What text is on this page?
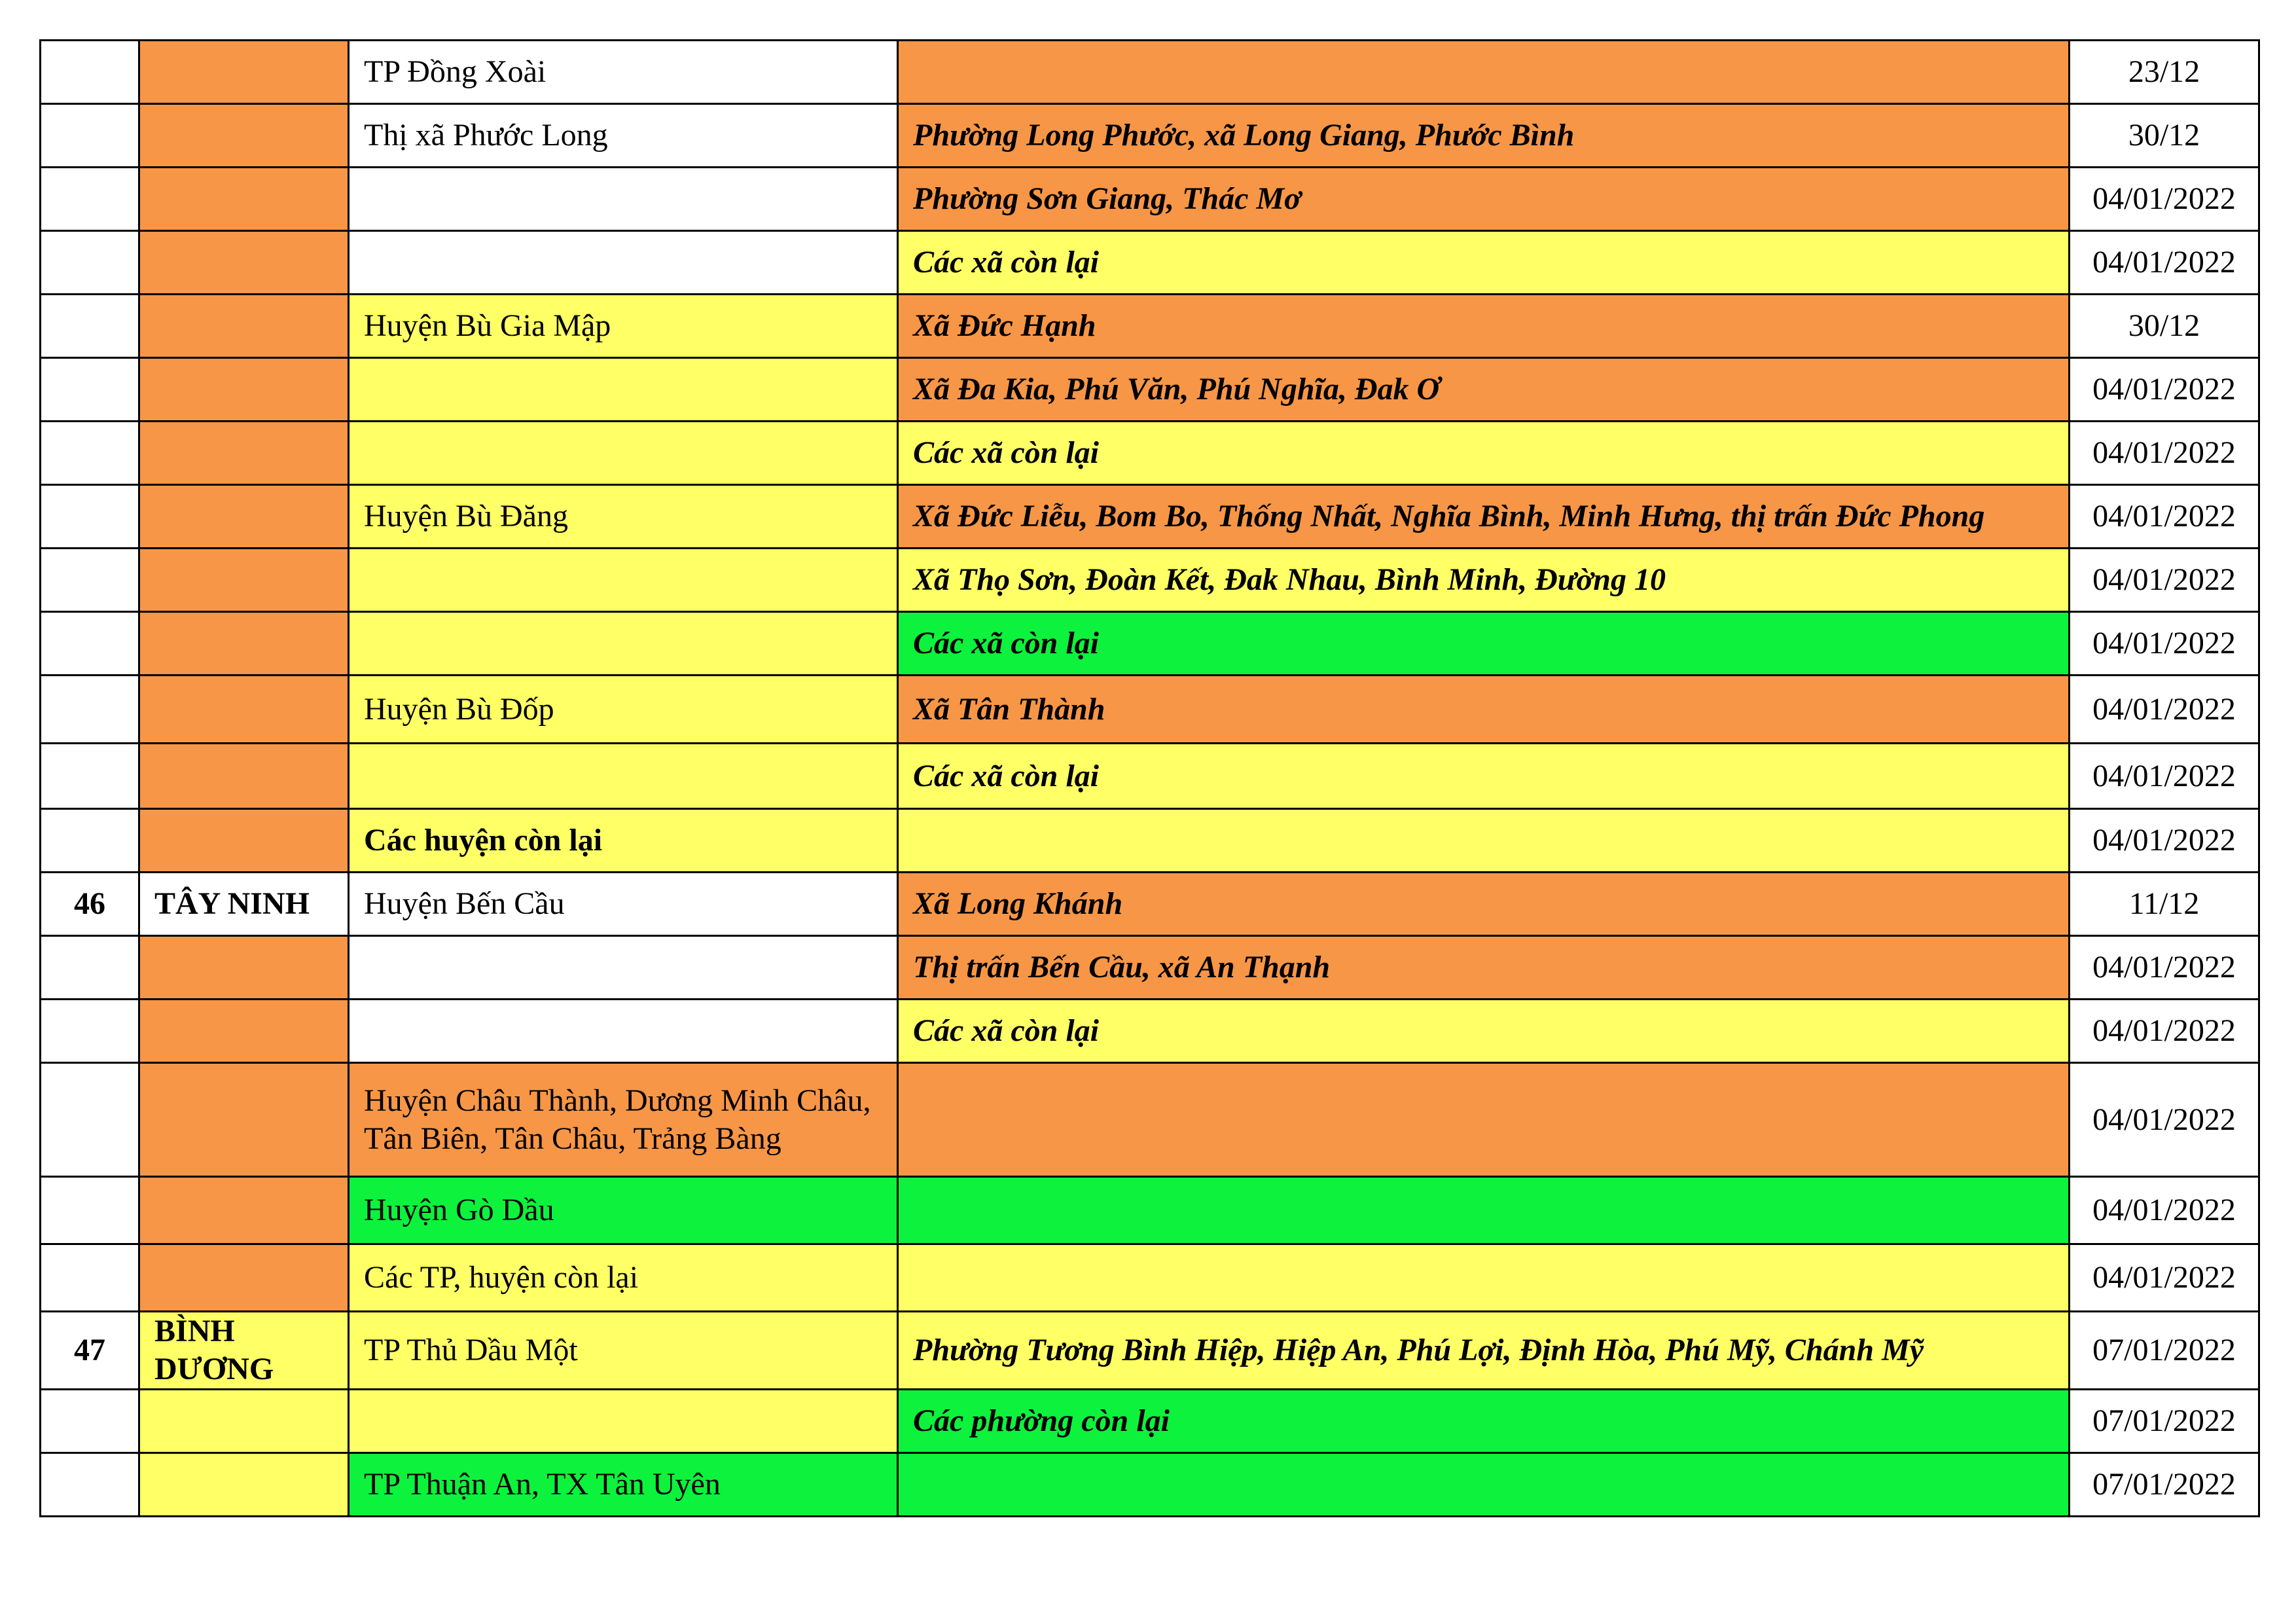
		TP Đồng Xoài		23/12
		Thị xã Phước Long	Phường Long Phước, xã Long Giang, Phước Bình	30/12
			Phường Sơn Giang, Thác Mơ	04/01/2022
			Các xã còn lại	04/01/2022
		Huyện Bù Gia Mập	Xã Đức Hạnh	30/12
			Xã Đa Kia, Phú Văn, Phú Nghĩa, Đak Ơ	04/01/2022
			Các xã còn lại	04/01/2022
		Huyện Bù Đăng	Xã Đức Liễu, Bom Bo, Thống Nhất, Nghĩa Bình, Minh Hưng, thị trấn Đức Phong	04/01/2022
			Xã Thọ Sơn, Đoàn Kết, Đak Nhau, Bình Minh, Đường 10	04/01/2022
			Các xã còn lại	04/01/2022
		Huyện Bù Đốp	Xã Tân Thành	04/01/2022
			Các xã còn lại	04/01/2022
		Các huyện còn lại		04/01/2022
46	TÂY NINH	Huyện Bến Cầu	Xã Long Khánh	11/12
			Thị trấn Bến Cầu, xã An Thạnh	04/01/2022
			Các xã còn lại	04/01/2022
		Huyện Châu Thành, Dương Minh Châu, Tân Biên, Tân Châu, Trảng Bàng		04/01/2022
		Huyện Gò Dầu		04/01/2022
		Các TP, huyện còn lại		04/01/2022
47	BÌNH DƯƠNG	TP Thủ Dầu Một	Phường Tương Bình Hiệp, Hiệp An, Phú Lợi, Định Hòa, Phú Mỹ, Chánh Mỹ	07/01/2022
			Các phường còn lại	07/01/2022
		TP Thuận An, TX Tân Uyên		07/01/2022
